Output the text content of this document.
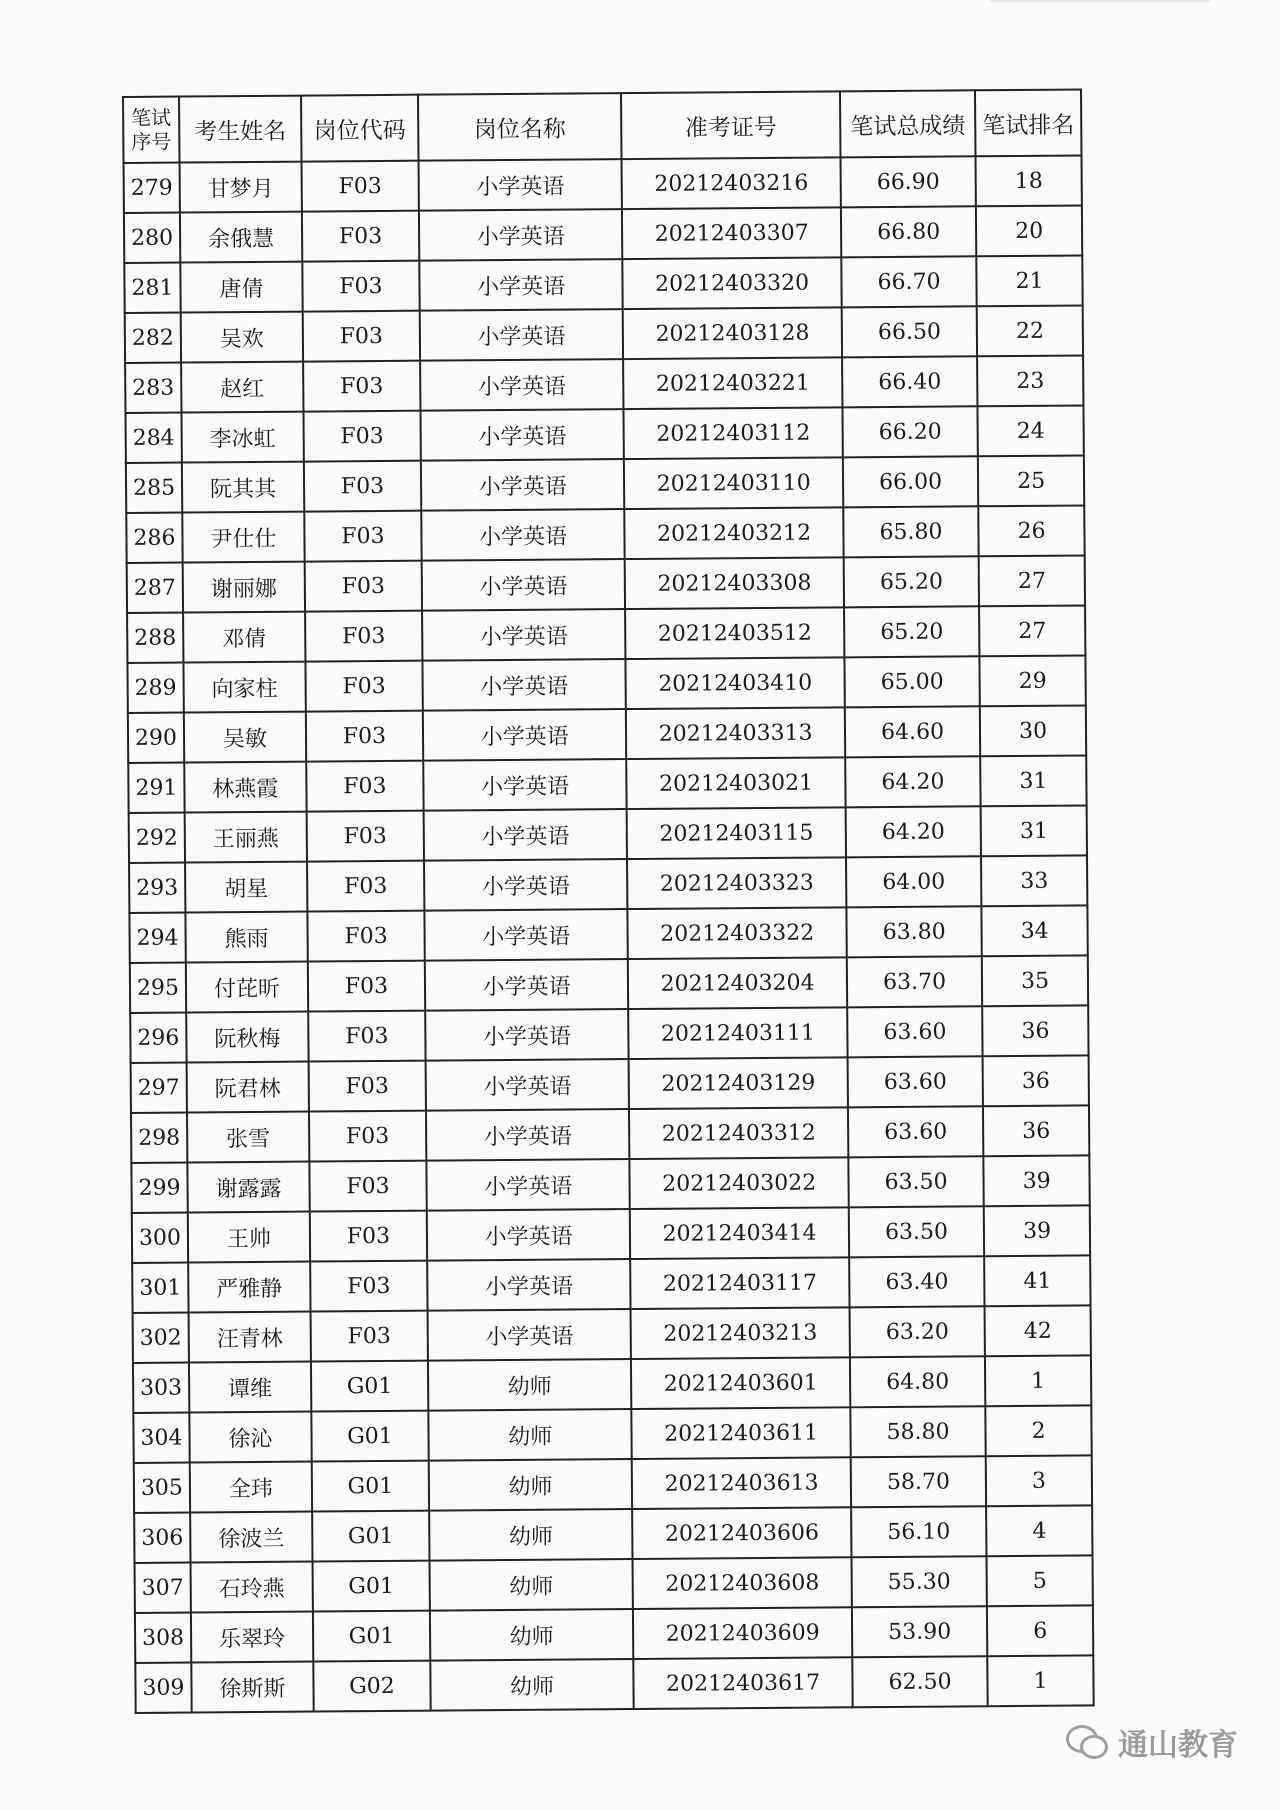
笔试
序号	考生姓名	岗位代码	岗位名称	准考证号	笔试总成绩	笔试排名
279	甘梦月	F03	小学英语	20212403216	66.90	18
280	余俄慧	F03	小学英语	20212403307	66.80	20
281	唐倩	F03	小学英语	20212403320	66.70	21
282	吴欢	F03	小学英语	20212403128	66.50	22
283	赵红	F03	小学英语	20212403221	66.40	23
284	李冰虹	F03	小学英语	20212403112	66.20	24
285	阮其其	F03	小学英语	20212403110	66.00	25
286	尹仕仕	F03	小学英语	20212403212	65.80	26
287	谢丽娜	F03	小学英语	20212403308	65.20	27
288	邓倩	F03	小学英语	20212403512	65.20	27
289	向家柱	F03	小学英语	20212403410	65.00	29
290	吴敏	F03	小学英语	20212403313	64.60	30
291	林燕霞	F03	小学英语	20212403021	64.20	31
292	王丽燕	F03	小学英语	20212403115	64.20	31
293	胡星	F03	小学英语	20212403323	64.00	33
294	熊雨	F03	小学英语	20212403322	63.80	34
295	付芘昕	F03	小学英语	20212403204	63.70	35
296	阮秋梅	F03	小学英语	20212403111	63.60	36
297	阮君林	F03	小学英语	20212403129	63.60	36
298	张雪	F03	小学英语	20212403312	63.60	36
299	谢露露	F03	小学英语	20212403022	63.50	39
300	王帅	F03	小学英语	20212403414	63.50	39
301	严雅静	F03	小学英语	20212403117	63.40	41
302	汪青林	F03	小学英语	20212403213	63.20	42
303	谭维	G01	幼师	20212403601	64.80	1
304	徐沁	G01	幼师	20212403611	58.80	2
305	全玮	G01	幼师	20212403613	58.70	3
306	徐波兰	G01	幼师	20212403606	56.10	4
307	石玲燕	G01	幼师	20212403608	55.30	5
308	乐翠玲	G01	幼师	20212403609	53.90	6
309	徐斯斯	G02	幼师	20212403617	62.50	1
通山教育
